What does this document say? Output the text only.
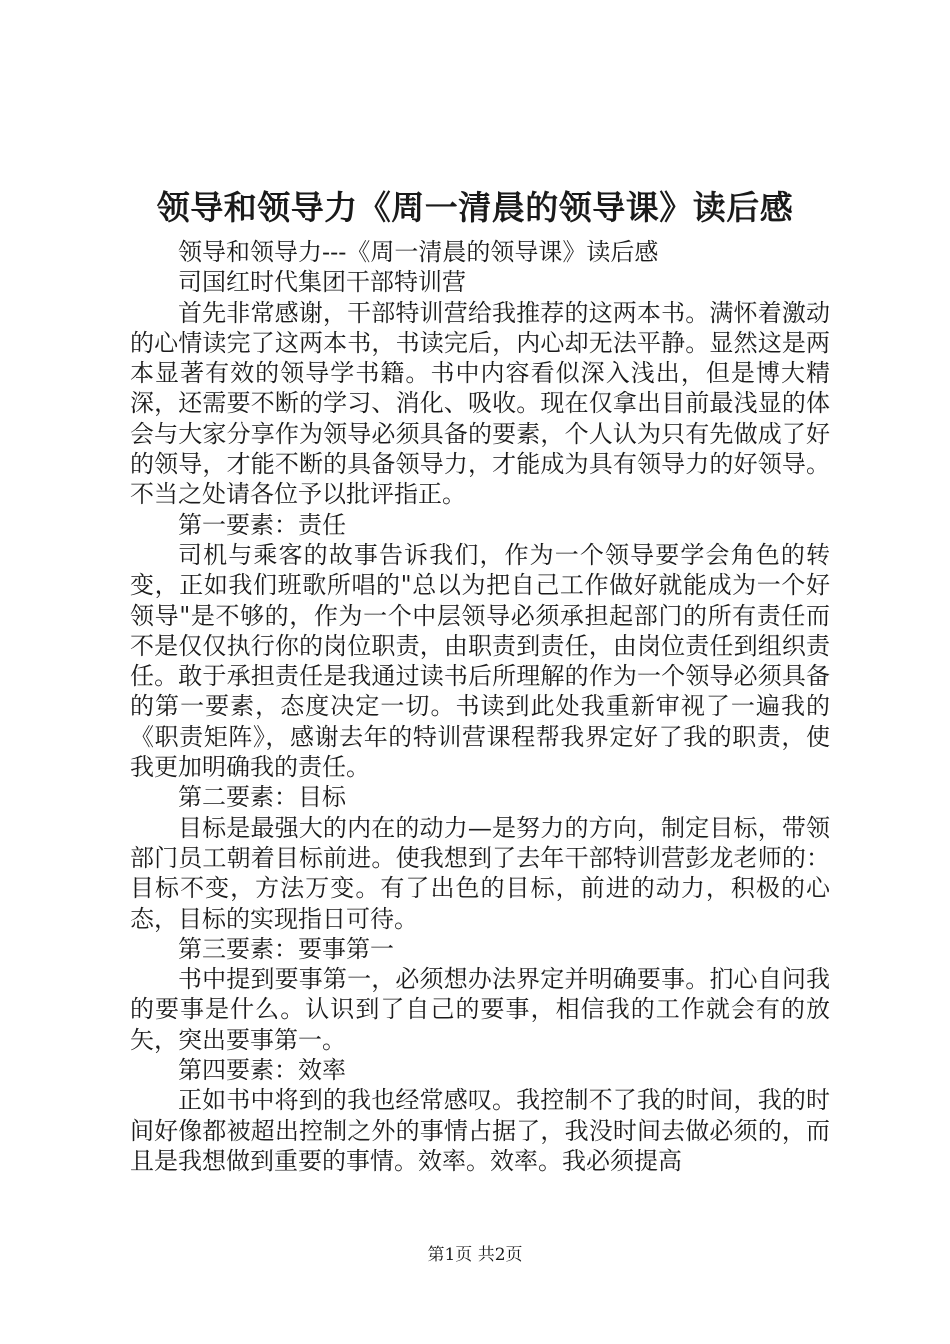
领导和领导力《周一清晨的领导课》读后感

领导和领导力---《周一清晨的领导课》读后感

司国红时代集团干部特训营

首先非常感谢，干部特训营给我推荐的这两本书。满怀着激动的心情读完了这两本书，书读完后，内心却无法平静。显然这是两本显著有效的领导学书籍。书中内容看似深入浅出，但是博大精深，还需要不断的学习、消化、吸收。现在仅拿出目前最浅显的体会与大家分享作为领导必须具备的要素，个人认为只有先做成了好的领导，才能不断的具备领导力，才能成为具有领导力的好领导。不当之处请各位予以批评指正。

第一要素：责任

司机与乘客的故事告诉我们，作为一个领导要学会角色的转变，正如我们班歌所唱的"总以为把自己工作做好就能成为一个好领导"是不够的，作为一个中层领导必须承担起部门的所有责任而不是仅仅执行你的岗位职责，由职责到责任，由岗位责任到组织责任。敢于承担责任是我通过读书后所理解的作为一个领导必须具备的第一要素，态度决定一切。书读到此处我重新审视了一遍我的《职责矩阵》，感谢去年的特训营课程帮我界定好了我的职责，使我更加明确我的责任。

第二要素：目标

目标是最强大的内在的动力—是努力的方向，制定目标，带领部门员工朝着目标前进。使我想到了去年干部特训营彭龙老师的：目标不变，方法万变。有了出色的目标，前进的动力，积极的心态，目标的实现指日可待。

第三要素：要事第一

书中提到要事第一，必须想办法界定并明确要事。扪心自问我的要事是什么。认识到了自己的要事，相信我的工作就会有的放矢，突出要事第一。

第四要素：效率

正如书中将到的我也经常感叹。我控制不了我的时间，我的时间好像都被超出控制之外的事情占据了，我没时间去做必须的，而且是我想做到重要的事情。效率。效率。我必须提高

第1页 共2页
